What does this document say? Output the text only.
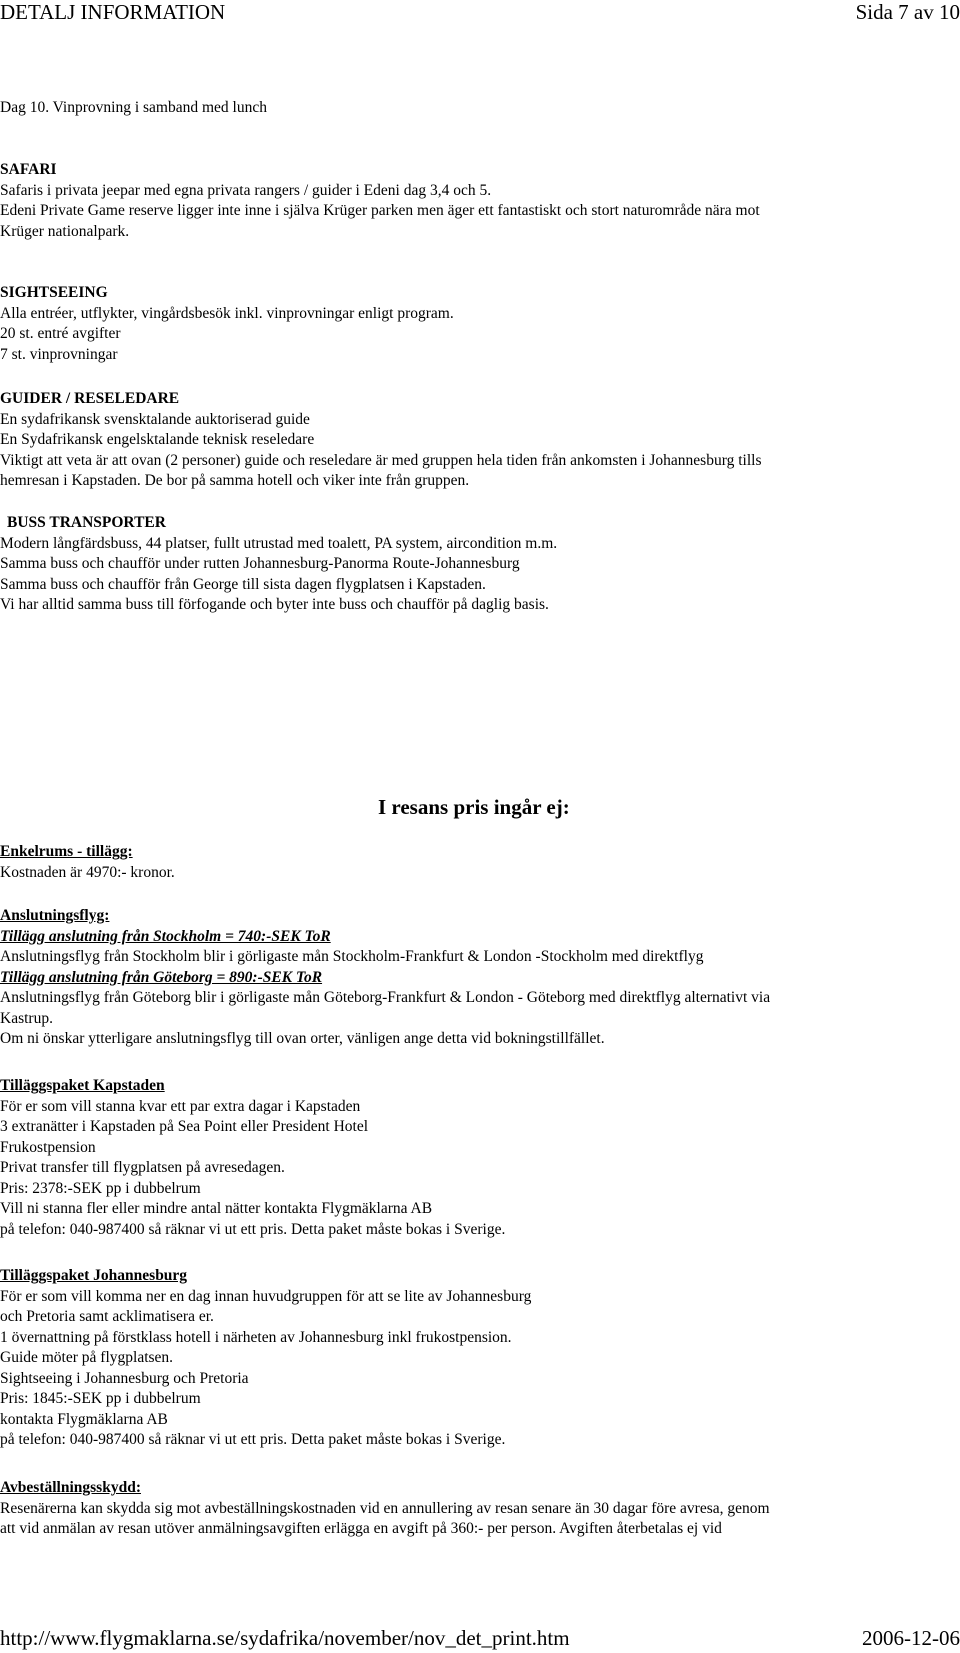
DETALJ INFORMATION	Sida 7 av 10
Dag 10. Vinprovning i samband med lunch
SAFARI
Safaris i privata jeepar med egna privata rangers / guider i Edeni dag 3,4 och 5.
Edeni Private Game reserve ligger inte inne i själva Krüger parken men äger ett fantastiskt och stort naturområde nära mot
Krüger nationalpark.
SIGHTSEEING
Alla entréer, utflykter, vingårdsbesök inkl. vinprovningar enligt program.
20 st. entré avgifter
7 st. vinprovningar
GUIDER / RESELEDARE
En sydafrikansk svensktalande auktoriserad guide
En Sydafrikansk engelsktalande teknisk reseledare
Viktigt att veta är att ovan (2 personer) guide och reseledare är med gruppen hela tiden från ankomsten i Johannesburg tills
hemresan i Kapstaden. De bor på samma hotell och viker inte från gruppen.
BUSS TRANSPORTER
Modern långfärdsbuss, 44 platser, fullt utrustad med toalett, PA system, aircondition m.m.
Samma buss och chaufför under rutten Johannesburg-Panorma Route-Johannesburg
Samma buss och chaufför från George till sista dagen flygplatsen i Kapstaden.
Vi har alltid samma buss till förfogande och byter inte buss och chaufför på daglig basis.
I resans pris ingår ej:
Enkelrums - tillägg:
Kostnaden är 4970:- kronor.
Anslutningsflyg:
Tillägg anslutning från Stockholm = 740:-SEK ToR
Anslutningsflyg från Stockholm blir i görligaste mån Stockholm-Frankfurt & London -Stockholm med direktflyg
Tillägg anslutning från Göteborg = 890:-SEK ToR
Anslutningsflyg från Göteborg blir i görligaste mån Göteborg-Frankfurt & London - Göteborg med direktflyg alternativt via
Kastrup.
Om ni önskar ytterligare anslutningsflyg till ovan orter, vänligen ange detta vid bokningstillfället.
Tilläggspaket Kapstaden
För er som vill stanna kvar ett par extra dagar i Kapstaden
3 extranätter i Kapstaden på Sea Point eller President Hotel
Frukostpension
Privat transfer till flygplatsen på avresedagen.
Pris: 2378:-SEK pp i dubbelrum
Vill ni stanna fler eller mindre antal nätter kontakta Flygmäklarna AB
på telefon: 040-987400 så räknar vi ut ett pris. Detta paket måste bokas i Sverige.
Tilläggspaket Johannesburg
För er som vill komma ner en dag innan huvudgruppen för att se lite av Johannesburg
och Pretoria samt acklimatisera er.
1 övernattning på förstklass hotell i närheten av Johannesburg inkl frukostpension.
Guide möter på flygplatsen.
Sightseeing i Johannesburg och Pretoria
Pris: 1845:-SEK pp i dubbelrum
kontakta Flygmäklarna AB
på telefon: 040-987400 så räknar vi ut ett pris. Detta paket måste bokas i Sverige.
Avbeställningsskydd:
Resenärerna kan skydda sig mot avbeställningskostnaden vid en annullering av resan senare än 30 dagar före avresa, genom
att vid anmälan av resan utöver anmälningsavgiften erlägga en avgift på 360:- per person. Avgiften återbetalas ej vid
http://www.flygmaklarna.se/sydafrika/november/nov_det_print.htm	2006-12-06
